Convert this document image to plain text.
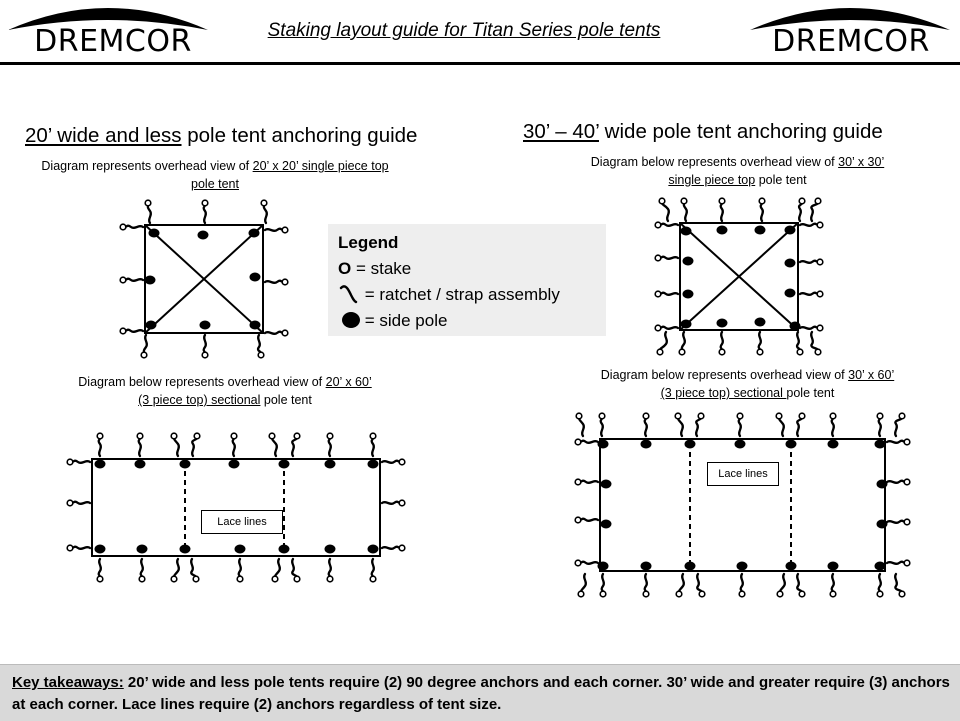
DREMCOR	DREMCOR
Staking layout guide for Titan Series pole tents
20’ wide and less pole tent anchoring guide	30’ – 40’ wide pole tent anchoring guide
Diagram represents overhead view of 20’ x 20’ single piece top pole tent
Diagram below represents overhead view of 20’ x 60’
(3 piece top) sectional pole tent
Diagram below represents overhead view of 30’ x 30’
single piece top pole tent
Diagram below represents overhead view of 30’ x 60’
(3 piece top) sectional pole tent
Lace lines
Lace lines
Legend
O = stake
= ratchet / strap assembly
= side pole
Key takeaways: 20’ wide and less pole tents require (2) 90 degree anchors and each corner. 30’ wide and greater require (3) anchors at each corner. Lace lines require (2) anchors regardless of tent size.
